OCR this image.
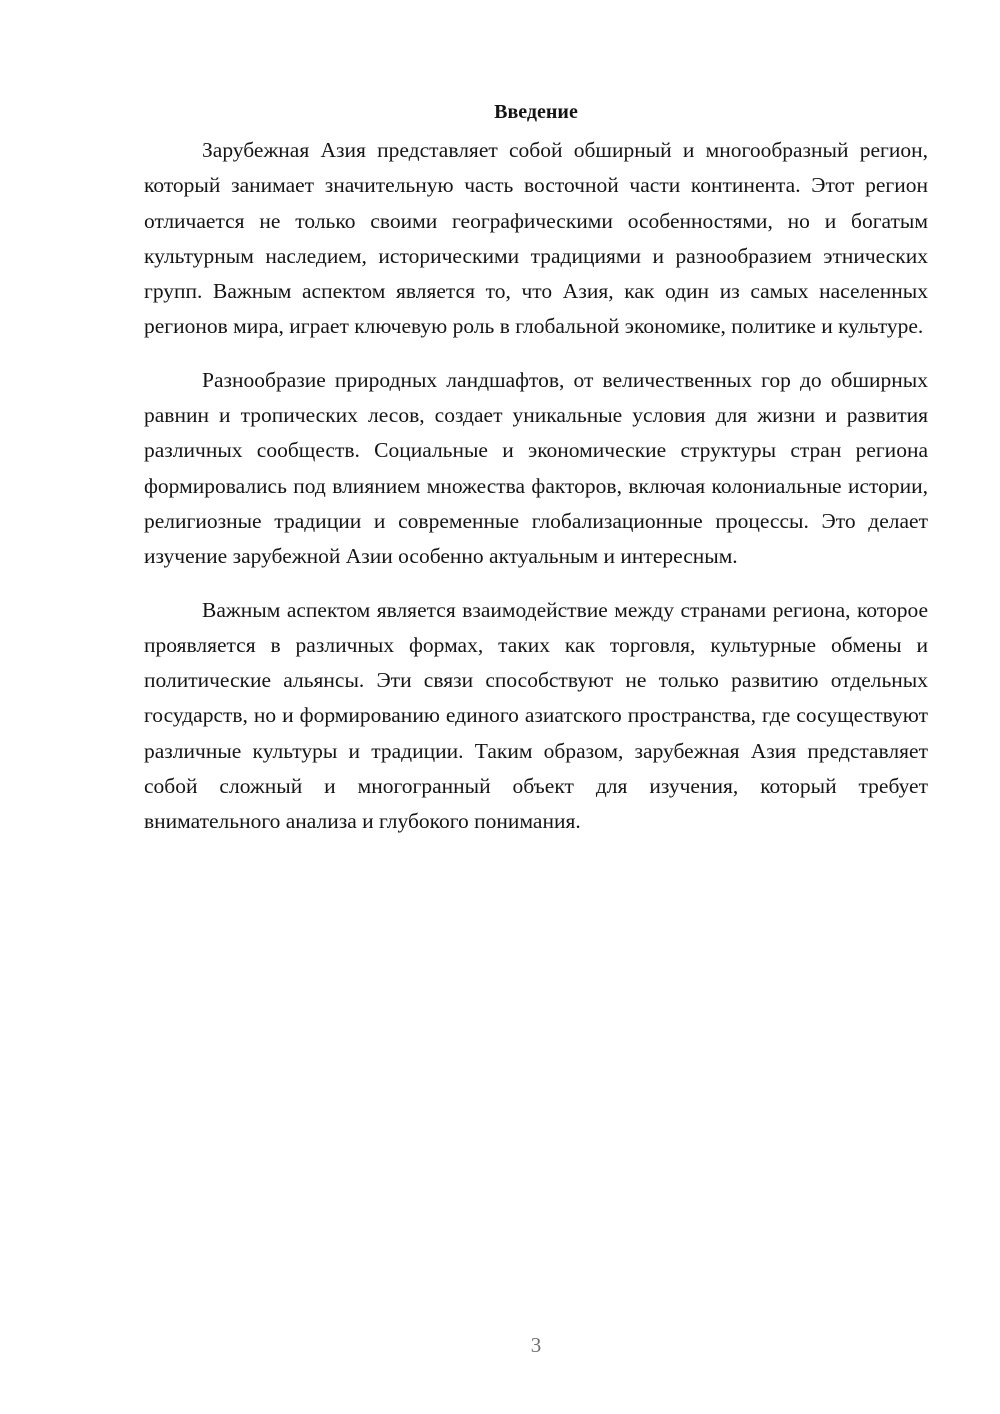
Введение

Зарубежная Азия представляет собой обширный и многообразный регион, который занимает значительную часть восточной части континента. Этот регион отличается не только своими географическими особенностями, но и богатым культурным наследием, историческими традициями и разнообразием этнических групп. Важным аспектом является то, что Азия, как один из самых населенных регионов мира, играет ключевую роль в глобальной экономике, политике и культуре.

Разнообразие природных ландшафтов, от величественных гор до обширных равнин и тропических лесов, создает уникальные условия для жизни и развития различных сообществ. Социальные и экономические структуры стран региона формировались под влиянием множества факторов, включая колониальные истории, религиозные традиции и современные глобализационные процессы. Это делает изучение зарубежной Азии особенно актуальным и интересным.

Важным аспектом является взаимодействие между странами региона, которое проявляется в различных формах, таких как торговля, культурные обмены и политические альянсы. Эти связи способствуют не только развитию отдельных государств, но и формированию единого азиатского пространства, где сосуществуют различные культуры и традиции. Таким образом, зарубежная Азия представляет собой сложный и многогранный объект для изучения, который требует внимательного анализа и глубокого понимания.

3
